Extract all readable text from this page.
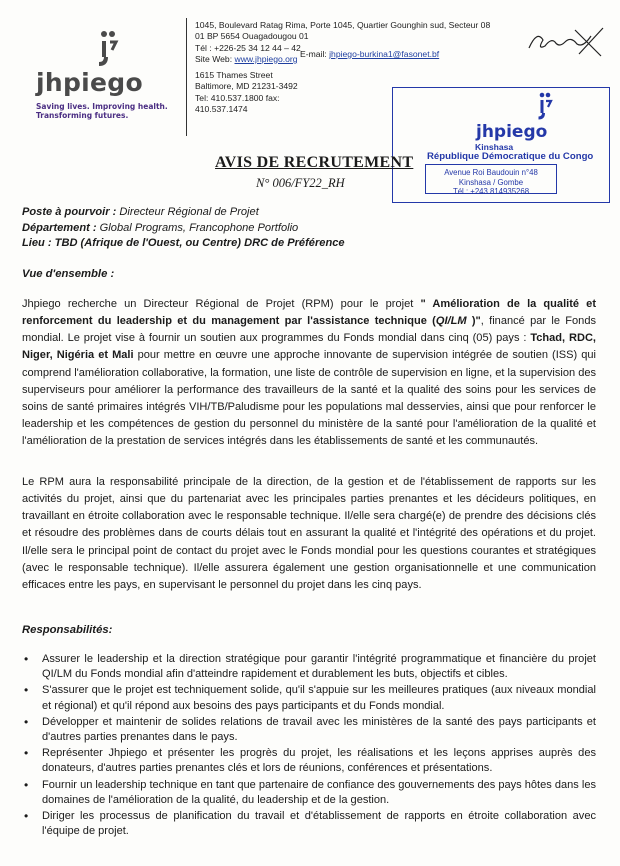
jhpiego
Saving lives. Improving health. Transforming futures.
1045, Boulevard Ratag Rima, Porte 1045, Quartier Gounghin sud, Secteur 08
01 BP 5654 Ouagadougou 01
Tél : +226-25 34 12 44 – 42
Site Web: www.jhpiego.org
1615 Thames Street
Baltimore, MD 21231-3492
Tel: 410.537.1800 fax:
410.537.1474
E-mail: jhpiego-burkina1@fasonet.bf
jhpiego
Kinshasa
République Démocratique du Congo
Avenue Roi Baudouin n°48
Kinshasa / Gombe
Tél : +243 814935268
AVIS DE RECRUTEMENT
N° 006/FY22_RH
Poste à pourvoir : Directeur Régional de Projet
Département : Global Programs, Francophone Portfolio
Lieu : TBD (Afrique de l'Ouest, ou Centre) DRC de Préférence
Vue d'ensemble :

Jhpiego recherche un Directeur Régional de Projet (RPM) pour le projet " Amélioration de la qualité et renforcement du leadership et du management par l'assistance technique (QI/LM )", financé par le Fonds mondial. Le projet vise à fournir un soutien aux programmes du Fonds mondial dans cinq (05) pays : Tchad, RDC, Niger, Nigéria et Mali pour mettre en œuvre une approche innovante de supervision intégrée de soutien (ISS) qui comprend l'amélioration collaborative, la formation, une liste de contrôle de supervision en ligne, et la supervision des superviseurs pour améliorer la performance des travailleurs de la santé et la qualité des soins pour les services de soins de santé primaires intégrés VIH/TB/Paludisme pour les populations mal desservies, ainsi que pour renforcer le leadership et les compétences de gestion du personnel du ministère de la santé pour l'amélioration de la qualité et l'amélioration de la prestation de services intégrés dans les établissements de santé et les communautés.

Le RPM aura la responsabilité principale de la direction, de la gestion et de l'établissement de rapports sur les activités du projet, ainsi que du partenariat avec les principales parties prenantes et les décideurs politiques, en travaillant en étroite collaboration avec le responsable technique. Il/elle sera chargé(e) de prendre des décisions clés et résoudre des problèmes dans de courts délais tout en assurant la qualité et l'intégrité des opérations et du projet. Il/elle sera le principal point de contact du projet avec le Fonds mondial pour les questions courantes et stratégiques (avec le responsable technique). Il/elle assurera également une gestion organisationnelle et une communication efficaces entre les pays, en supervisant le personnel du projet dans les cinq pays.

Responsabilités:
• Assurer le leadership et la direction stratégique pour garantir l'intégrité programmatique et financière du projet QI/LM du Fonds mondial afin d'atteindre rapidement et durablement les buts, objectifs et cibles.
• S'assurer que le projet est techniquement solide, qu'il s'appuie sur les meilleures pratiques (aux niveaux mondial et régional) et qu'il répond aux besoins des pays participants et du Fonds mondial.
• Développer et maintenir de solides relations de travail avec les ministères de la santé des pays participants et d'autres parties prenantes dans le pays.
• Représenter Jhpiego et présenter les progrès du projet, les réalisations et les leçons apprises auprès des donateurs, d'autres parties prenantes clés et lors de réunions, conférences et présentations.
• Fournir un leadership technique en tant que partenaire de confiance des gouvernements des pays hôtes dans les domaines de l'amélioration de la qualité, du leadership et de la gestion.
• Diriger les processus de planification du travail et d'établissement de rapports en étroite collaboration avec l'équipe de projet.
